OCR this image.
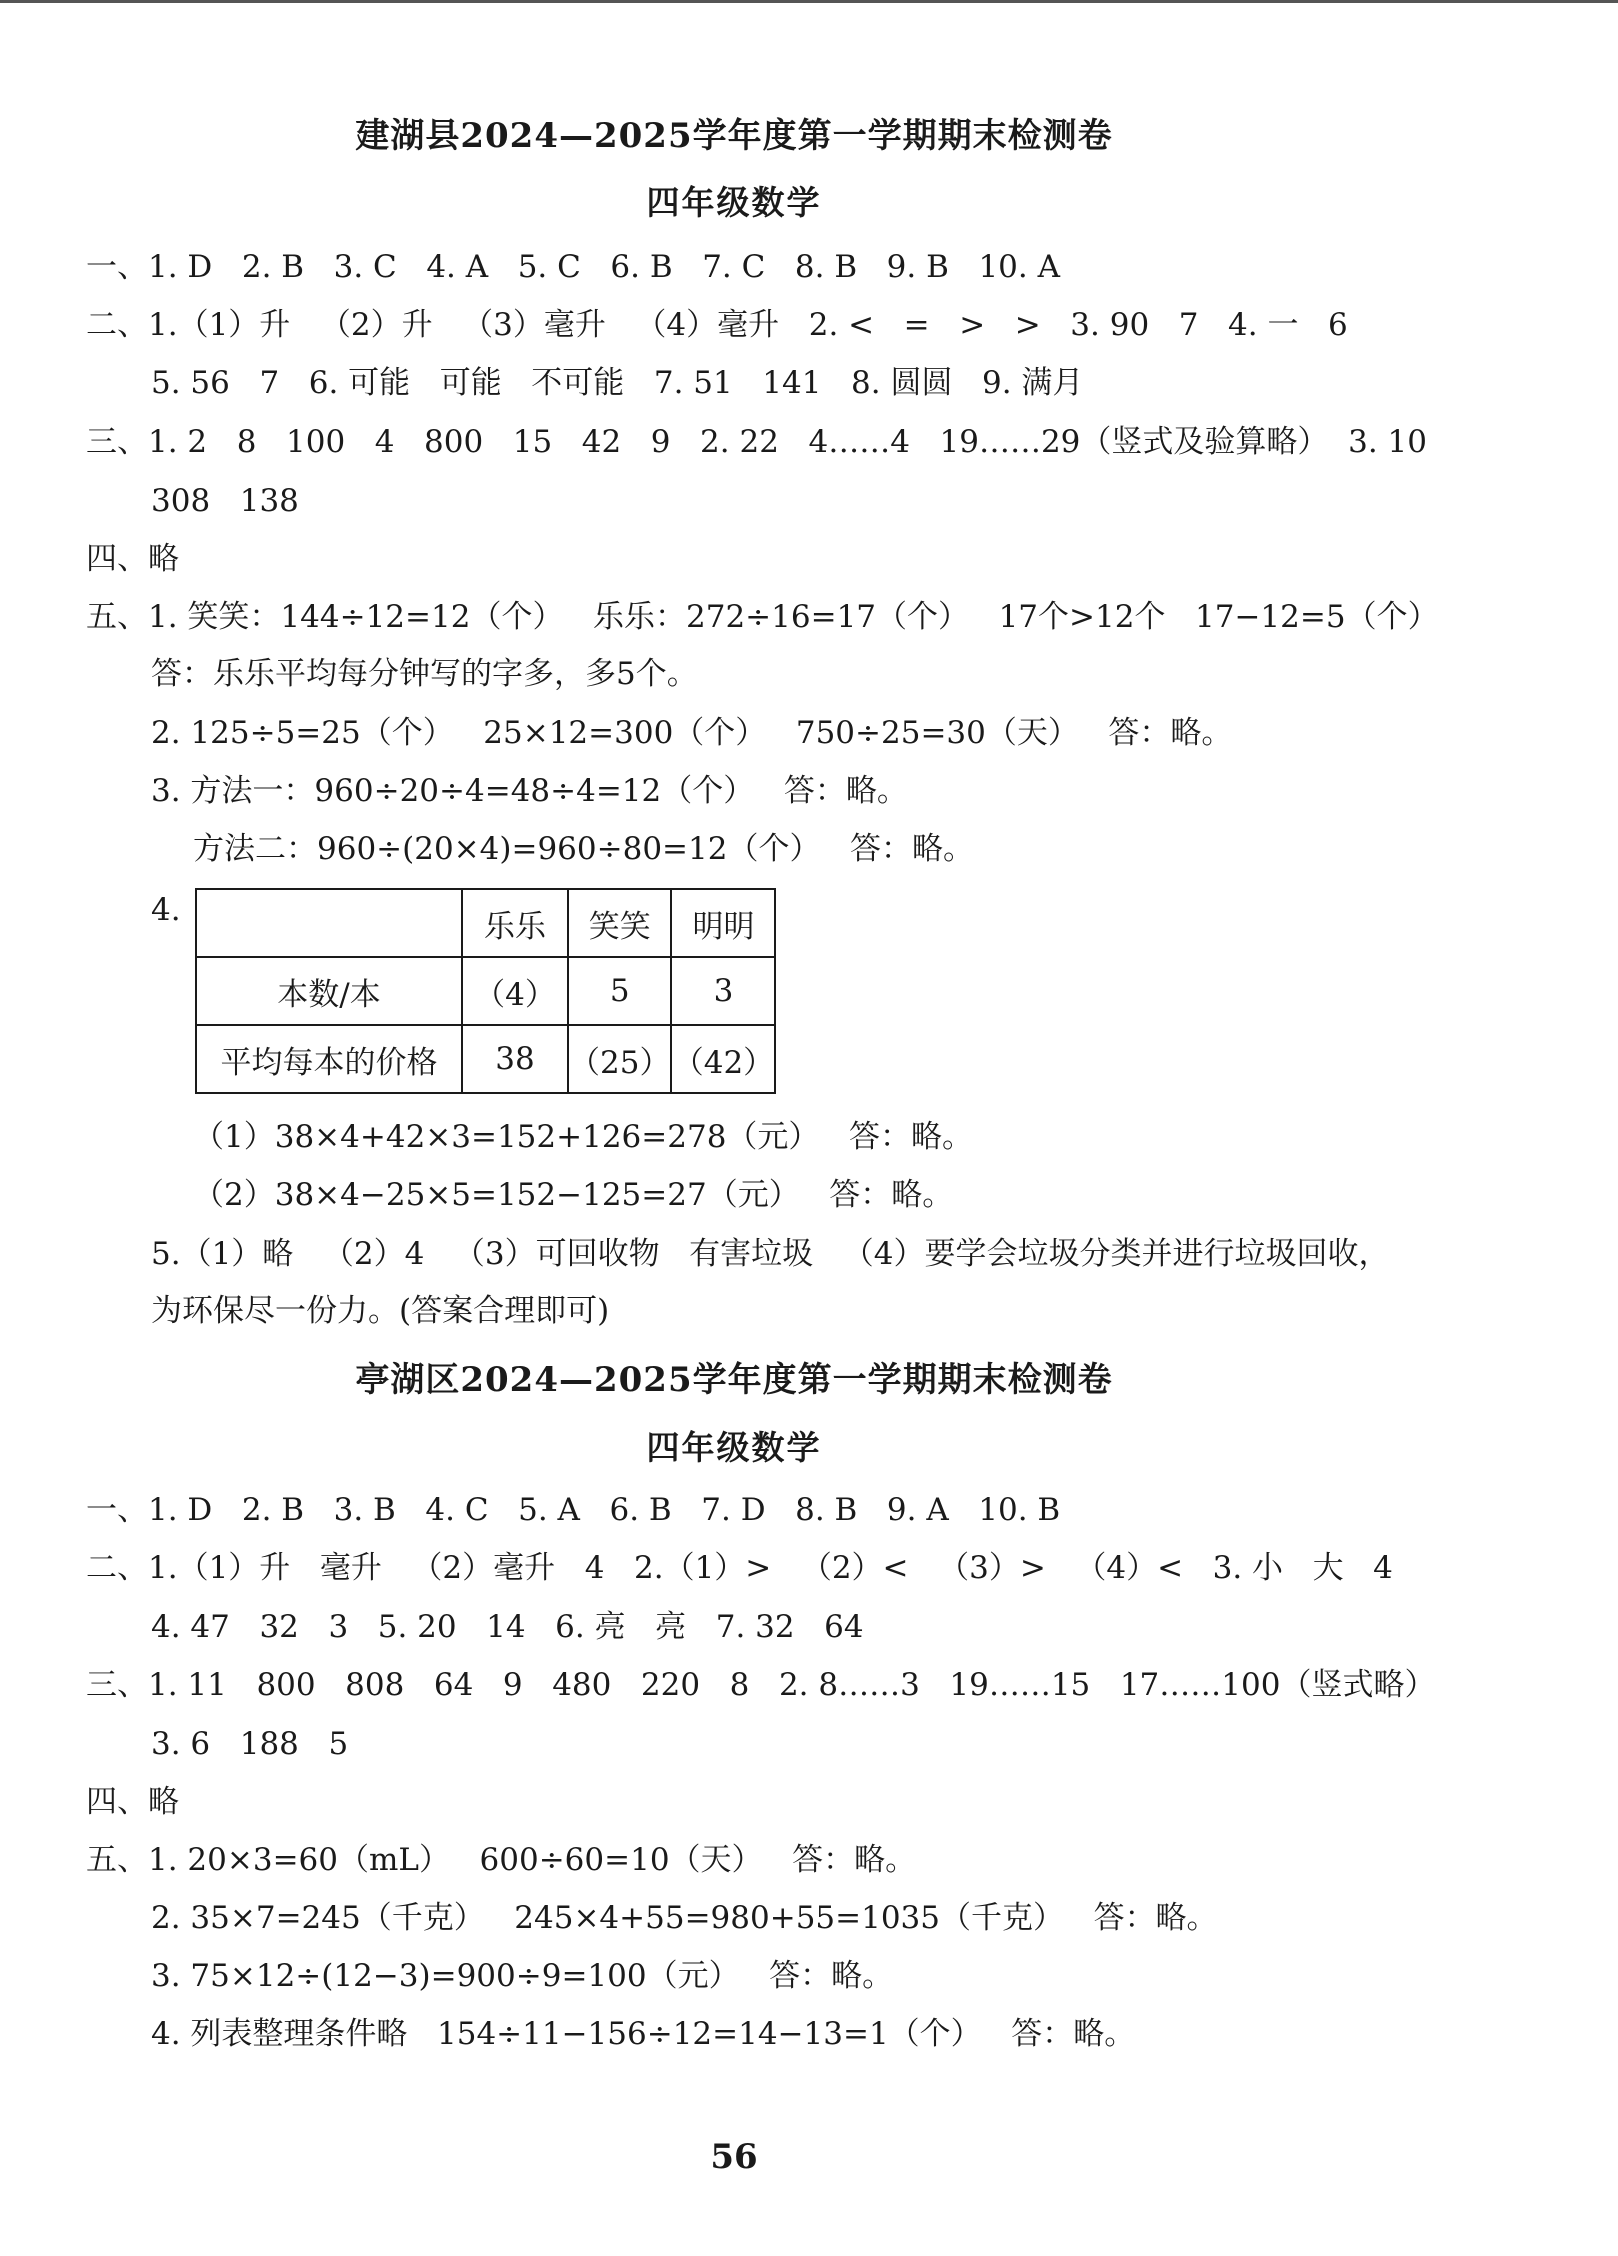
建湖县2024—2025学年度第一学期期末检测卷
四年级数学
一、1. D   2. B   3. C   4. A   5. C   6. B   7. C   8. B   9. B   10. A
二、1.（1）升   （2）升   （3）毫升   （4）毫升   2. <   =   >   >   3. 90   7   4. 一   6
5. 56   7   6. 可能   可能   不可能   7. 51   141   8. 圆圆   9. 满月
三、1. 2   8   100   4   800   15   42   9   2. 22   4……4   19……29（竖式及验算略）  3. 10
308   138
四、略
五、1. 笑笑：144÷12=12（个）   乐乐：272÷16=17（个）   17个>12个   17−12=5（个）
答：乐乐平均每分钟写的字多，多5个。
2. 125÷5=25（个）   25×12=300（个）   750÷25=30（天）   答：略。
3. 方法一：960÷20÷4=48÷4=12（个）   答：略。
方法二：960÷(20×4)=960÷80=12（个）   答：略。
4.
		乐乐	笑笑	明明
本数/本	（4）	5	3
平均每本的价格	38	（25）	（42）
（1）38×4+42×3=152+126=278（元）   答：略。
（2）38×4−25×5=152−125=27（元）   答：略。
5.（1）略   （2）4   （3）可回收物   有害垃圾   （4）要学会垃圾分类并进行垃圾回收，
为环保尽一份力。(答案合理即可)
亭湖区2024—2025学年度第一学期期末检测卷
四年级数学
一、1. D   2. B   3. B   4. C   5. A   6. B   7. D   8. B   9. A   10. B
二、1.（1）升   毫升   （2）毫升   4   2.（1）>   （2）<   （3）>   （4）<   3. 小   大   4
4. 47   32   3   5. 20   14   6. 亮   亮   7. 32   64
三、1. 11   800   808   64   9   480   220   8   2. 8……3   19……15   17……100（竖式略）
3. 6   188   5
四、略
五、1. 20×3=60（mL）   600÷60=10（天）   答：略。
2. 35×7=245（千克）   245×4+55=980+55=1035（千克）   答：略。
3. 75×12÷(12−3)=900÷9=100（元）   答：略。
4. 列表整理条件略   154÷11−156÷12=14−13=1（个）   答：略。
56
